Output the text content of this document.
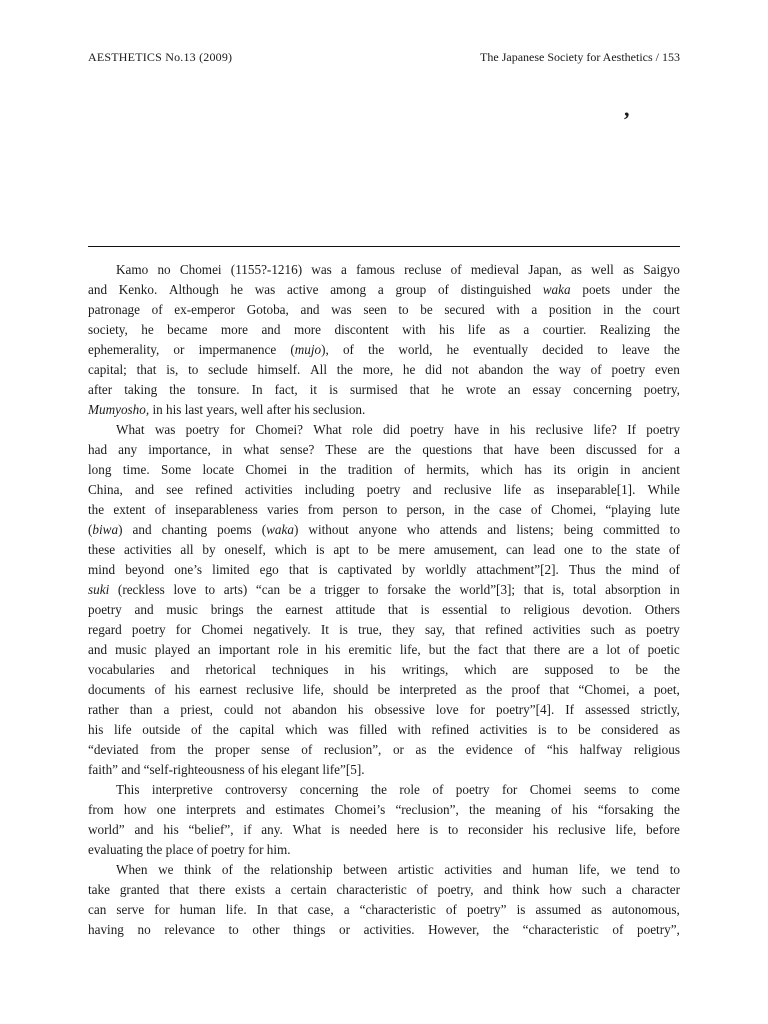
AESTHETICS No.13 (2009)	The Japanese Society for Aesthetics / 153
,
Kamo no Chomei (1155?-1216) was a famous recluse of medieval Japan, as well as Saigyo
and Kenko. Although he was active among a group of distinguished waka poets under the
patronage of ex-emperor Gotoba, and was seen to be secured with a position in the court
society, he became more and more discontent with his life as a courtier. Realizing the
ephemerality, or impermanence (mujo), of the world, he eventually decided to leave the
capital; that is, to seclude himself. All the more, he did not abandon the way of poetry even
after taking the tonsure. In fact, it is surmised that he wrote an essay concerning poetry,
Mumyosho, in his last years, well after his seclusion.
What was poetry for Chomei? What role did poetry have in his reclusive life? If poetry
had any importance, in what sense? These are the questions that have been discussed for a
long time. Some locate Chomei in the tradition of hermits, which has its origin in ancient
China, and see refined activities including poetry and reclusive life as inseparable[1]. While
the extent of inseparableness varies from person to person, in the case of Chomei, “playing lute
(biwa) and chanting poems (waka) without anyone who attends and listens; being committed to
these activities all by oneself, which is apt to be mere amusement, can lead one to the state of
mind beyond one’s limited ego that is captivated by worldly attachment”[2]. Thus the mind of
suki (reckless love to arts) “can be a trigger to forsake the world”[3]; that is, total absorption in
poetry and music brings the earnest attitude that is essential to religious devotion. Others
regard poetry for Chomei negatively. It is true, they say, that refined activities such as poetry
and music played an important role in his eremitic life, but the fact that there are a lot of poetic
vocabularies and rhetorical techniques in his writings, which are supposed to be the
documents of his earnest reclusive life, should be interpreted as the proof that “Chomei, a poet,
rather than a priest, could not abandon his obsessive love for poetry”[4]. If assessed strictly,
his life outside of the capital which was filled with refined activities is to be considered as
“deviated from the proper sense of reclusion”, or as the evidence of “his halfway religious
faith” and “self-righteousness of his elegant life”[5].
This interpretive controversy concerning the role of poetry for Chomei seems to come
from how one interprets and estimates Chomei’s “reclusion”, the meaning of his “forsaking the
world” and his “belief”, if any. What is needed here is to reconsider his reclusive life, before
evaluating the place of poetry for him.
When we think of the relationship between artistic activities and human life, we tend to
take granted that there exists a certain characteristic of poetry, and think how such a character
can serve for human life. In that case, a “characteristic of poetry” is assumed as autonomous,
having no relevance to other things or activities. However, the “characteristic of poetry”,
